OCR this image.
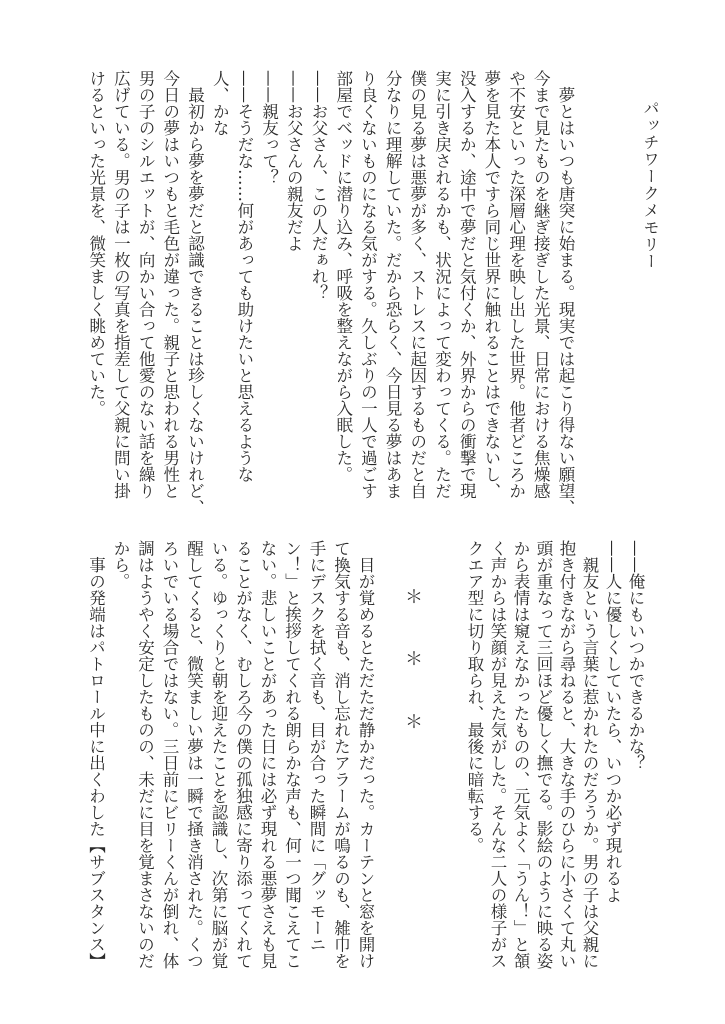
パッチワークメモリー
　夢とはいつも唐突に始まる。現実では起こり得ない願望、
今まで見たものを継ぎ接ぎした光景、日常における焦燥感
や不安といった深層心理を映し出した世界。他者どころか
夢を見た本人ですら同じ世界に触れることはできないし、
没入するか、途中で夢だと気付くか、外界からの衝撃で現
実に引き戻されるかも、状況によって変わってくる。ただ
僕の見る夢は悪夢が多く、ストレスに起因するものだと自
分なりに理解していた。だから恐らく、今日見る夢はあま
り良くないものになる気がする。久しぶりの一人で過ごす
部屋でベッドに潜り込み、呼吸を整えながら入眠した。
——お父さん、この人だぁれ？
——お父さんの親友だよ
——親友って？
——そうだな……何があっても助けたいと思えるような
人、かな
　最初から夢を夢だと認識できることは珍しくないけれど、
今日の夢はいつもと毛色が違った。親子と思われる男性と
男の子のシルエットが、向かい合って他愛のない話を繰り
広げている。男の子は一枚の写真を指差して父親に問い掛
けるといった光景を、微笑ましく眺めていた。
——俺にもいつかできるかな？
——人に優しくしていたら、いつか必ず現れるよ
　親友という言葉に惹かれたのだろうか。男の子は父親に
抱き付きながら尋ねると、大きな手のひらに小さくて丸い
頭が重なって三回ほど優しく撫でる。影絵のように映る姿
から表情は窺えなかったものの、元気よく「うん！」と頷
く声からは笑顔が見えた気がした。そんな二人の様子がス
クエア型に切り取られ、最後に暗転する。
＊
＊
＊
　目が覚めるとただただ静かだった。カーテンと窓を開け
て換気する音も、消し忘れたアラームが鳴るのも、雑巾を
手にデスクを拭く音も、目が合った瞬間に「グッモーニ
ン！」と挨拶してくれる朗らかな声も、何一つ聞こえてこ
ない。悲しいことがあった日には必ず現れる悪夢さえも見
ることがなく、むしろ今の僕の孤独感に寄り添ってくれて
いる。ゆっくりと朝を迎えたことを認識し、次第に脳が覚
醒してくると、微笑ましい夢は一瞬で掻き消された。くつ
ろいでいる場合ではない。三日前にビリーくんが倒れ、体
調はようやく安定したものの、未だに目を覚まさないのだ
から。
　事の発端はパトロール中に出くわした【サブスタンス】
